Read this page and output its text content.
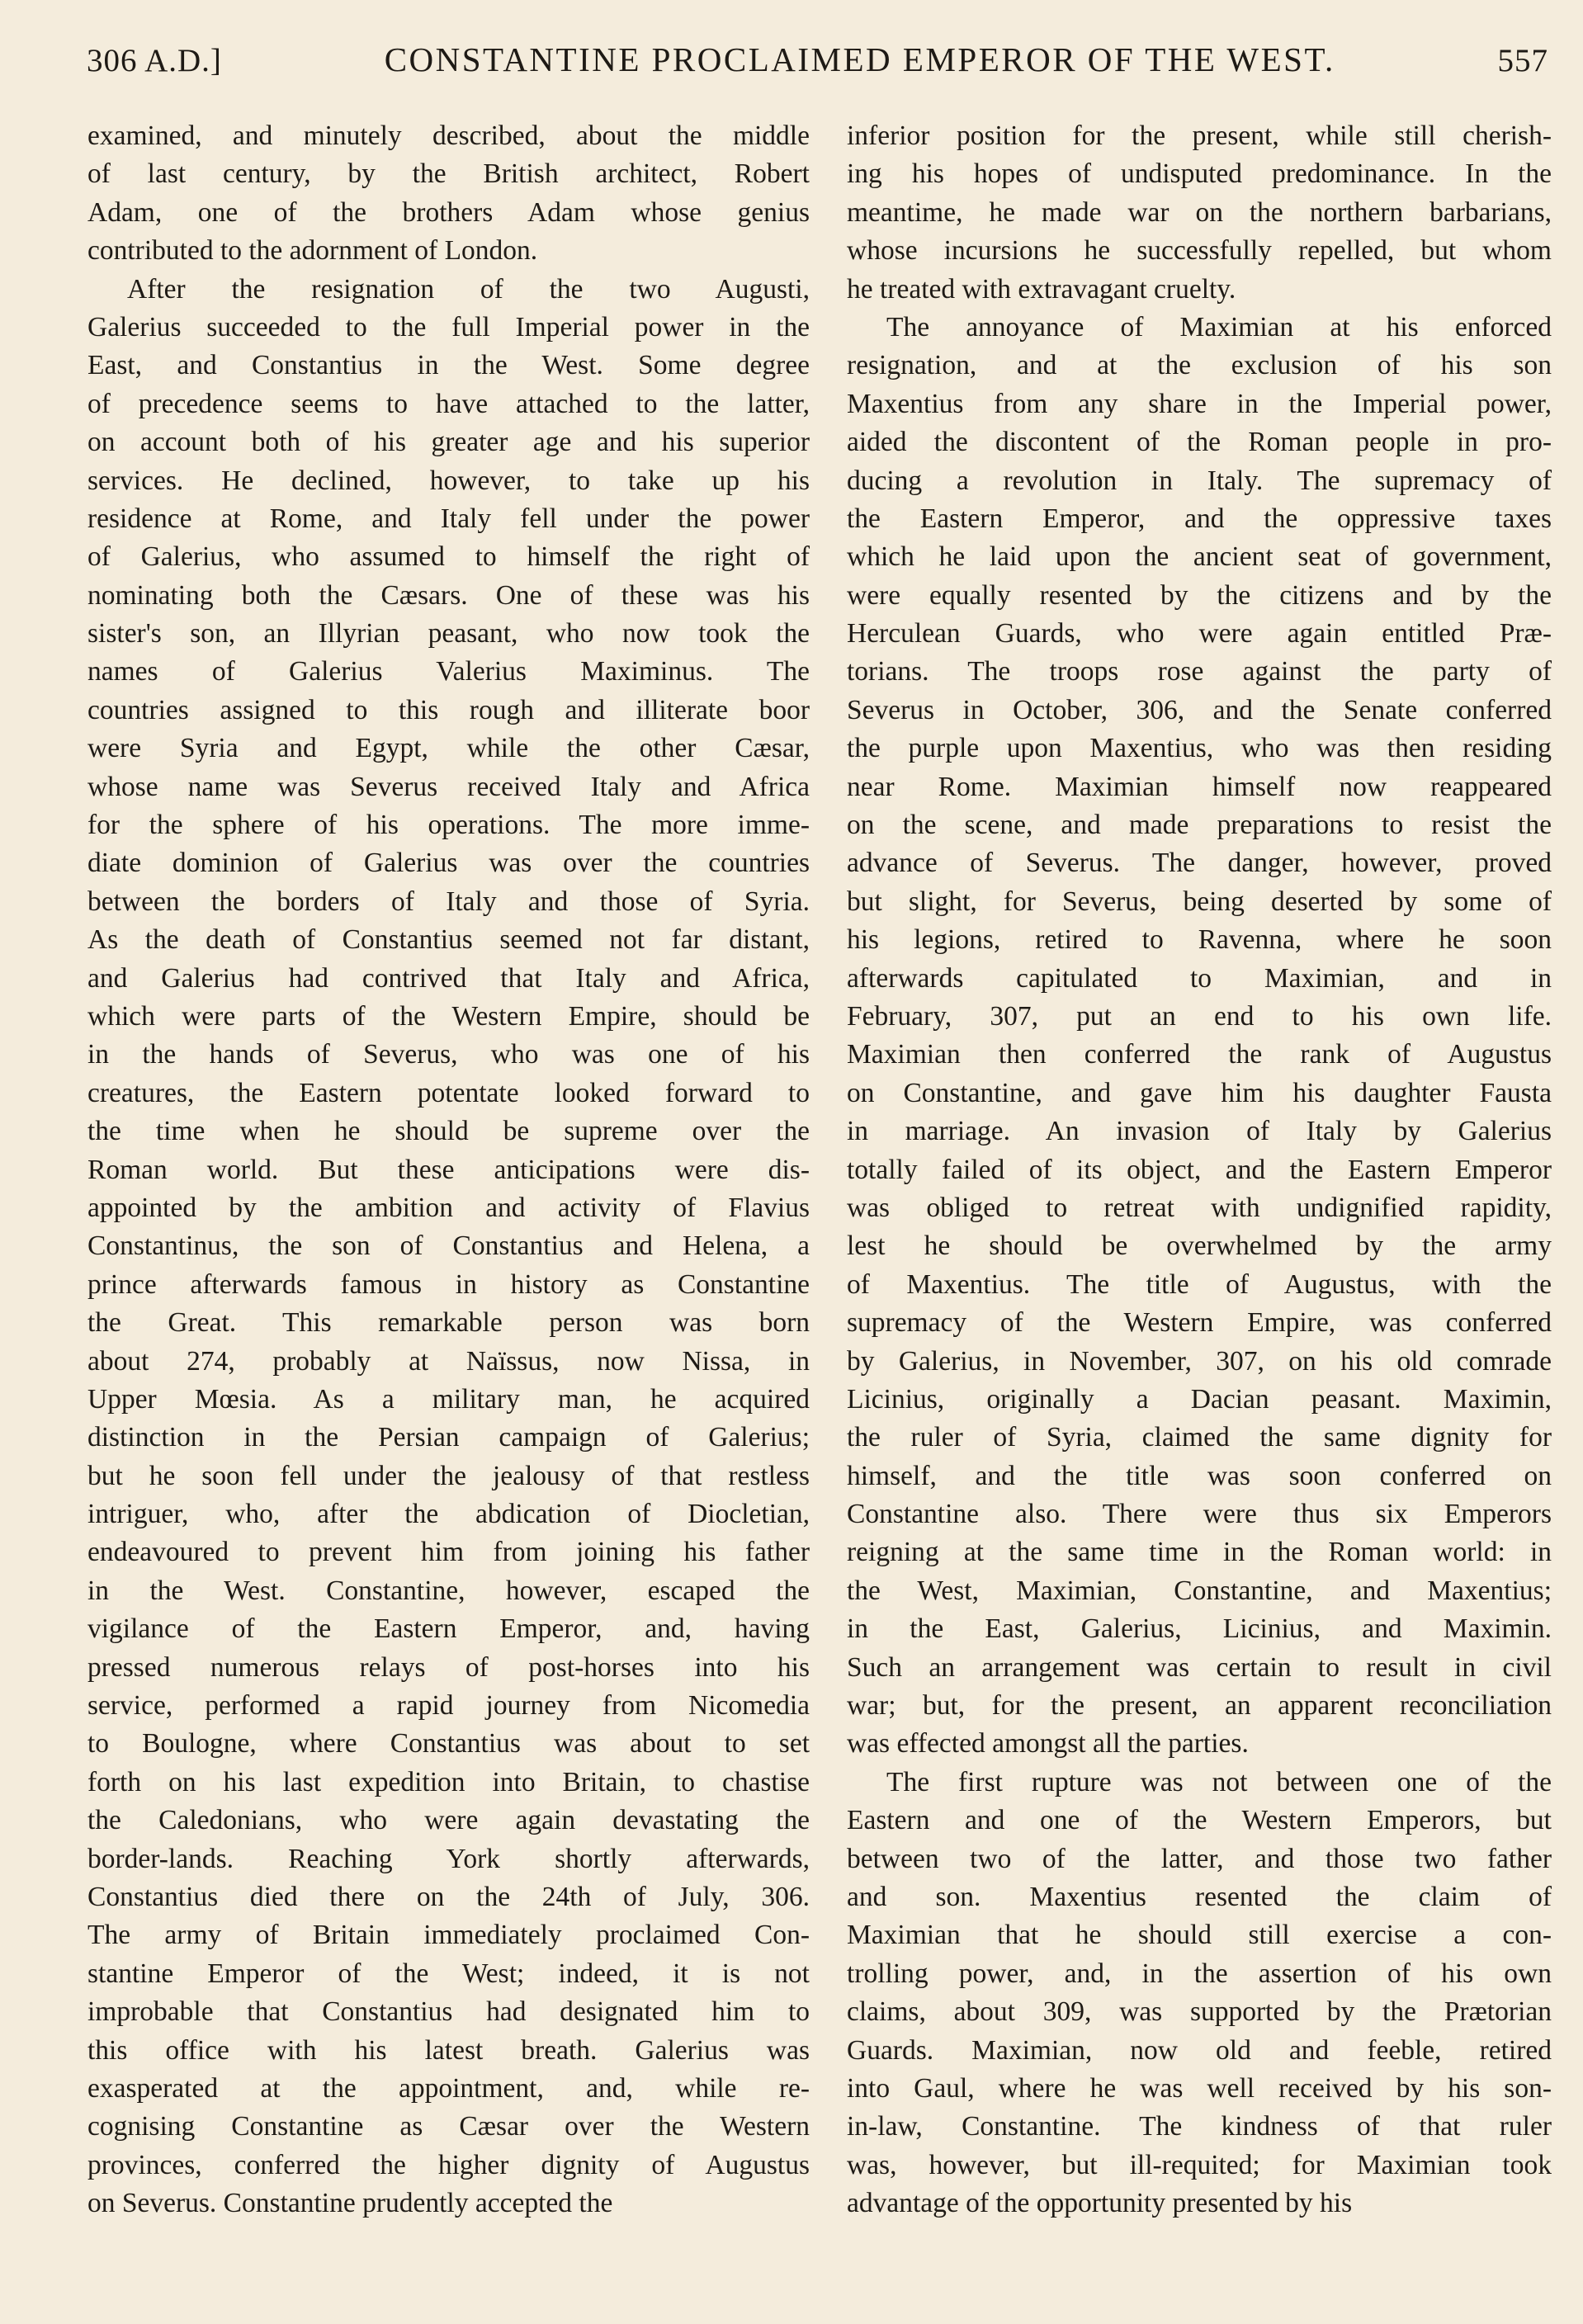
306 A.D.]	CONSTANTINE PROCLAIMED EMPEROR OF THE WEST.	557

examined, and minutely described, about the middle
of last century, by the British architect, Robert
Adam, one of the brothers Adam whose genius
contributed to the adornment of London.

After the resignation of the two Augusti,
Galerius succeeded to the full Imperial power in the
East, and Constantius in the West. Some degree
of precedence seems to have attached to the latter,
on account both of his greater age and his superior
services. He declined, however, to take up his
residence at Rome, and Italy fell under the power
of Galerius, who assumed to himself the right of
nominating both the Cæsars. One of these was his
sister's son, an Illyrian peasant, who now took the
names of Galerius Valerius Maximinus. The
countries assigned to this rough and illiterate boor
were Syria and Egypt, while the other Cæsar,
whose name was Severus received Italy and Africa
for the sphere of his operations. The more imme-
diate dominion of Galerius was over the countries
between the borders of Italy and those of Syria.
As the death of Constantius seemed not far distant,
and Galerius had contrived that Italy and Africa,
which were parts of the Western Empire, should be
in the hands of Severus, who was one of his
creatures, the Eastern potentate looked forward to
the time when he should be supreme over the
Roman world. But these anticipations were dis-
appointed by the ambition and activity of Flavius
Constantinus, the son of Constantius and Helena, a
prince afterwards famous in history as Constantine
the Great. This remarkable person was born
about 274, probably at Naïssus, now Nissa, in
Upper Mœsia. As a military man, he acquired
distinction in the Persian campaign of Galerius;
but he soon fell under the jealousy of that restless
intriguer, who, after the abdication of Diocletian,
endeavoured to prevent him from joining his father
in the West. Constantine, however, escaped the
vigilance of the Eastern Emperor, and, having
pressed numerous relays of post-horses into his
service, performed a rapid journey from Nicomedia
to Boulogne, where Constantius was about to set
forth on his last expedition into Britain, to chastise
the Caledonians, who were again devastating the
border-lands. Reaching York shortly afterwards,
Constantius died there on the 24th of July, 306.
The army of Britain immediately proclaimed Con-
stantine Emperor of the West; indeed, it is not
improbable that Constantius had designated him to
this office with his latest breath. Galerius was
exasperated at the appointment, and, while re-
cognising Constantine as Cæsar over the Western
provinces, conferred the higher dignity of Augustus
on Severus. Constantine prudently accepted the

inferior position for the present, while still cherish-
ing his hopes of undisputed predominance. In the
meantime, he made war on the northern barbarians,
whose incursions he successfully repelled, but whom
he treated with extravagant cruelty.

The annoyance of Maximian at his enforced
resignation, and at the exclusion of his son
Maxentius from any share in the Imperial power,
aided the discontent of the Roman people in pro-
ducing a revolution in Italy. The supremacy of
the Eastern Emperor, and the oppressive taxes
which he laid upon the ancient seat of government,
were equally resented by the citizens and by the
Herculean Guards, who were again entitled Præ-
torians. The troops rose against the party of
Severus in October, 306, and the Senate conferred
the purple upon Maxentius, who was then residing
near Rome. Maximian himself now reappeared
on the scene, and made preparations to resist the
advance of Severus. The danger, however, proved
but slight, for Severus, being deserted by some of
his legions, retired to Ravenna, where he soon
afterwards capitulated to Maximian, and in
February, 307, put an end to his own life.
Maximian then conferred the rank of Augustus
on Constantine, and gave him his daughter Fausta
in marriage. An invasion of Italy by Galerius
totally failed of its object, and the Eastern Emperor
was obliged to retreat with undignified rapidity,
lest he should be overwhelmed by the army
of Maxentius. The title of Augustus, with the
supremacy of the Western Empire, was conferred
by Galerius, in November, 307, on his old comrade
Licinius, originally a Dacian peasant. Maximin,
the ruler of Syria, claimed the same dignity for
himself, and the title was soon conferred on
Constantine also. There were thus six Emperors
reigning at the same time in the Roman world: in
the West, Maximian, Constantine, and Maxentius;
in the East, Galerius, Licinius, and Maximin.
Such an arrangement was certain to result in civil
war; but, for the present, an apparent reconciliation
was effected amongst all the parties.

The first rupture was not between one of the
Eastern and one of the Western Emperors, but
between two of the latter, and those two father
and son. Maxentius resented the claim of
Maximian that he should still exercise a con-
trolling power, and, in the assertion of his own
claims, about 309, was supported by the Prætorian
Guards. Maximian, now old and feeble, retired
into Gaul, where he was well received by his son-
in-law, Constantine. The kindness of that ruler
was, however, but ill-requited; for Maximian took
advantage of the opportunity presented by his
